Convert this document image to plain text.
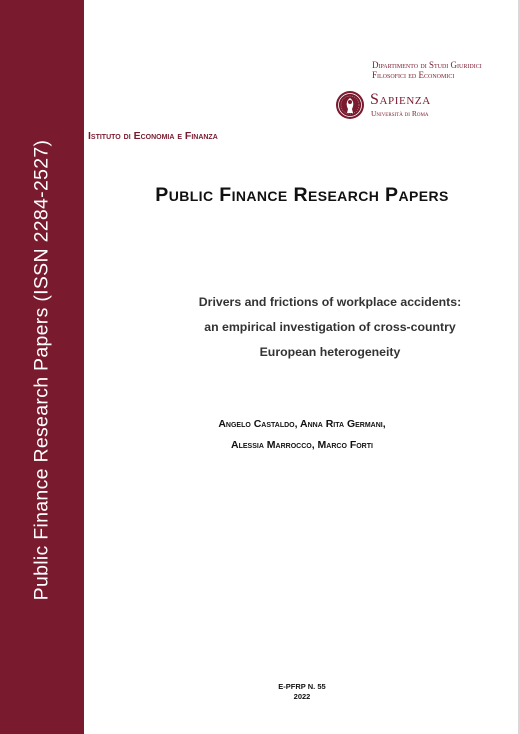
Public Finance Research Papers (ISSN 2284-2527)
Dipartimento di Studi Giuridici
Filosofici ed Economici
Sapienza
Università di Roma
Istituto di Economia e Finanza
Public Finance Research Papers
Drivers and frictions of workplace accidents:
an empirical investigation of cross-country
European heterogeneity
Angelo Castaldo, Anna Rita Germani,
Alessia Marrocco, Marco Forti
E-PFRP N. 55
2022
